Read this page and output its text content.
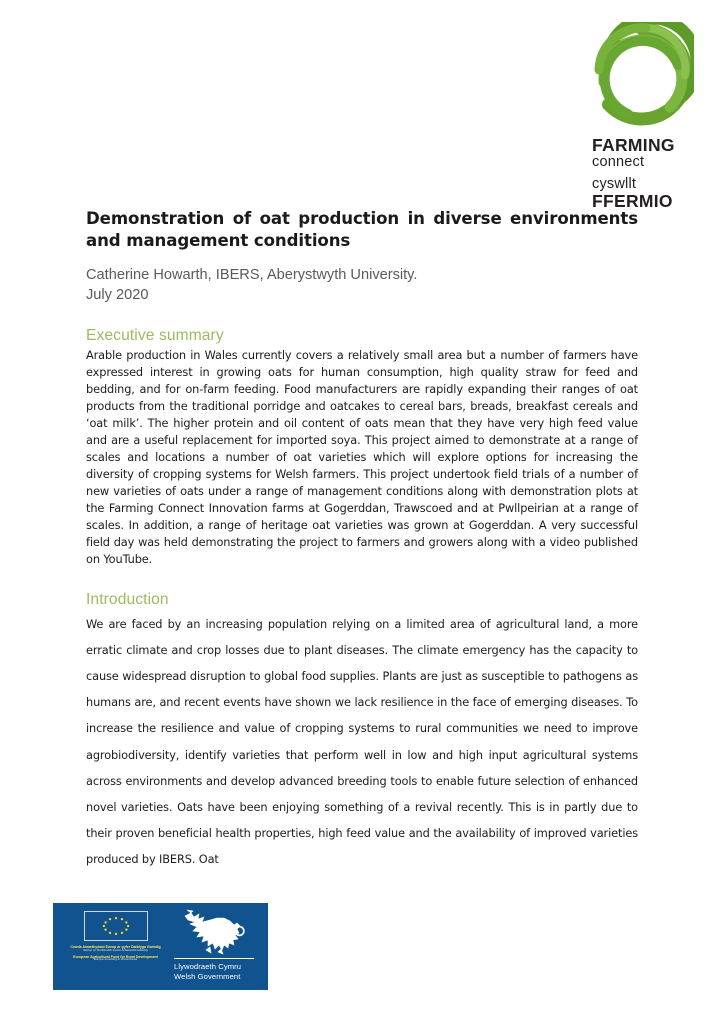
FARMING
connect
cyswllt
FFERMIO
Demonstration of oat production in diverse environments and management conditions
Catherine Howarth, IBERS, Aberystwyth University.
July 2020
Executive summary

Arable production in Wales currently covers a relatively small area but a number of farmers have expressed interest in growing oats for human consumption, high quality straw for feed and bedding, and for on-farm feeding. Food manufacturers are rapidly expanding their ranges of oat products from the traditional porridge and oatcakes to cereal bars, breads, breakfast cereals and ‘oat milk’. The higher protein and oil content of oats mean that they have very high feed value and are a useful replacement for imported soya. This project aimed to demonstrate at a range of scales and locations a number of oat varieties which will explore options for increasing the diversity of cropping systems for Welsh farmers. This project undertook field trials of a number of new varieties of oats under a range of management conditions along with demonstration plots at the Farming Connect Innovation farms at Gogerddan, Trawscoed and at Pwllpeirian at a range of scales. In addition, a range of heritage oat varieties was grown at Gogerddan. A very successful field day was held demonstrating the project to farmers and growers along with a video published on YouTube.

Introduction

We are faced by an increasing population relying on a limited area of agricultural land, a more erratic climate and crop losses due to plant diseases. The climate emergency has the capacity to cause widespread disruption to global food supplies. Plants are just as susceptible to pathogens as humans are, and recent events have shown we lack resilience in the face of emerging diseases. To increase the resilience and value of cropping systems to rural communities we need to improve agrobiodiversity, identify varieties that perform well in low and high input agricultural systems across environments and develop advanced breeding tools to enable future selection of enhanced novel varieties. Oats have been enjoying something of a revival recently. This is in partly due to their proven beneficial health properties, high feed value and the availability of improved varieties produced by IBERS. Oat

Cronfa Amaethyddol Ewrop ar gyfer Datblygu Gwledig
Ewrop yn Buddsoddi mewn Ardaloedd Gwledig
European Agricultural Fund for Rural Development
Europe Investing in Rural Areas
Llywodraeth Cymru
Welsh Government
